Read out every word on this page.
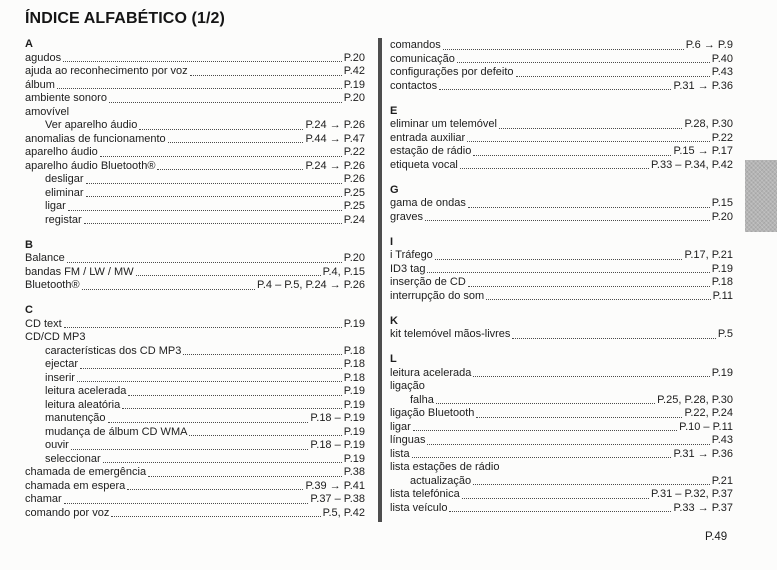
ÍNDICE ALFABÉTICO (1/2)
A
agudos	P.20
ajuda ao reconhecimento por voz	P.42
álbum	P.19
ambiente sonoro	P.20
amovível
Ver aparelho áudio	P.24 → P.26
anomalias de funcionamento	P.44 → P.47
aparelho áudio	P.22
aparelho áudio Bluetooth®	P.24 → P.26
desligar	P.26
eliminar	P.25
ligar	P.25
registar	P.24
B
Balance	P.20
bandas FM / LW / MW	P.4, P.15
Bluetooth®	P.4 – P.5, P.24 → P.26
C
CD text	P.19
CD/CD MP3
características dos CD MP3	P.18
ejectar	P.18
inserir	P.18
leitura acelerada	P.19
leitura aleatória	P.19
manutenção	P.18 – P.19
mudança de álbum CD WMA	P.19
ouvir	P.18 – P.19
seleccionar	P.19
chamada de emergência	P.38
chamada em espera	P.39 → P.41
chamar	P.37 – P.38
comando por voz	P.5, P.42
comandos	P.6 → P.9
comunicação	P.40
configurações por defeito	P.43
contactos	P.31 → P.36
E
eliminar um telemóvel	P.28, P.30
entrada auxiliar	P.22
estação de rádio	P.15 → P.17
etiqueta vocal	P.33 – P.34, P.42
G
gama de ondas	P.15
graves	P.20
I
i Tráfego	P.17, P.21
ID3 tag	P.19
inserção de CD	P.18
interrupção do som	P.11
K
kit telemóvel mãos-livres	P.5
L
leitura acelerada	P.19
ligação
falha	P.25, P.28, P.30
ligação Bluetooth	P.22, P.24
ligar	P.10 – P.11
línguas	P.43
lista	P.31 → P.36
lista estações de rádio
actualização	P.21
lista telefónica	P.31 – P.32, P.37
lista veículo	P.33 → P.37
P.49
